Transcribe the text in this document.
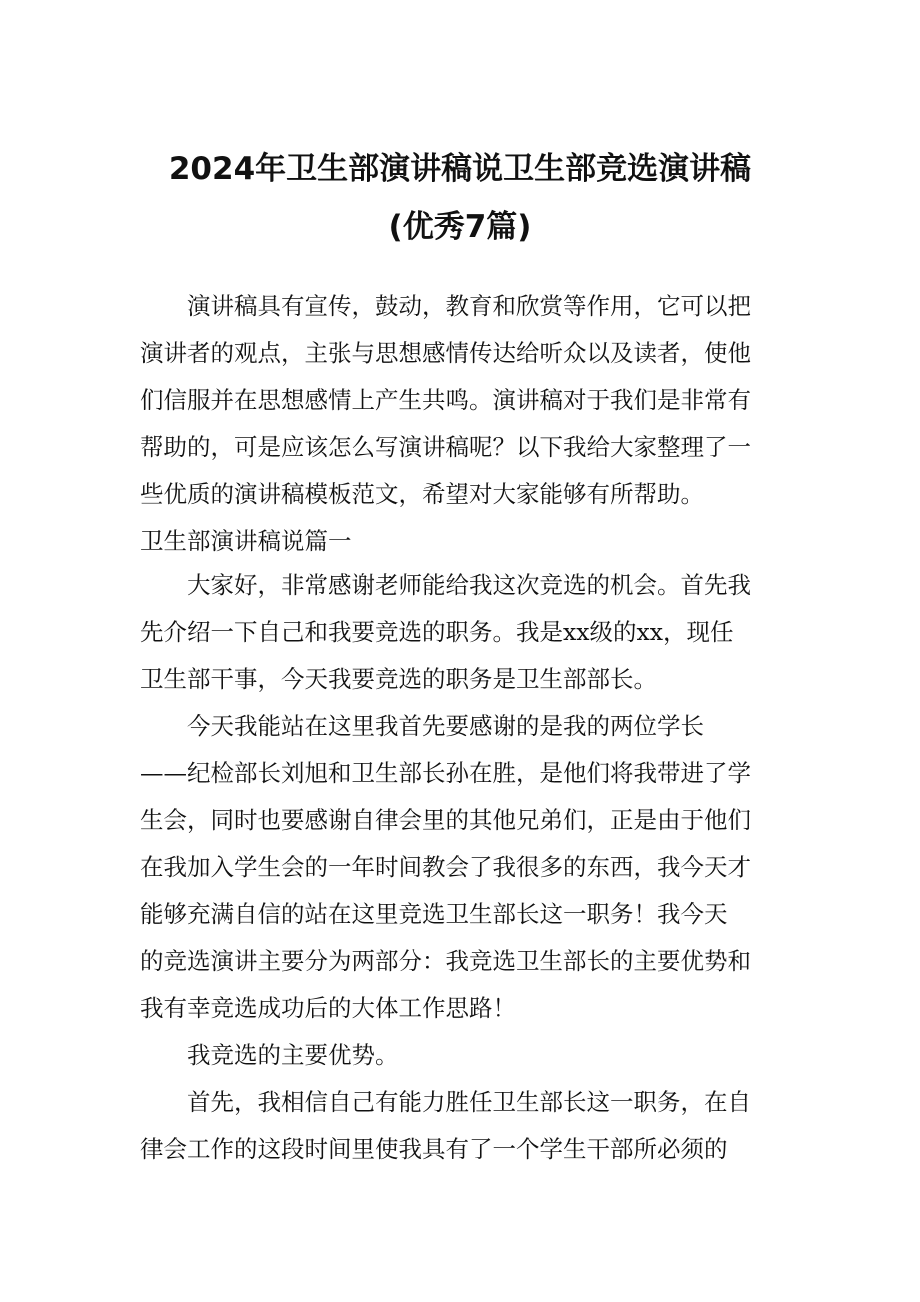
2024年卫生部演讲稿说卫生部竞选演讲稿
(优秀7篇)
演讲稿具有宣传，鼓动，教育和欣赏等作用，它可以把
演讲者的观点，主张与思想感情传达给听众以及读者，使他
们信服并在思想感情上产生共鸣。演讲稿对于我们是非常有
帮助的，可是应该怎么写演讲稿呢？以下我给大家整理了一
些优质的演讲稿模板范文，希望对大家能够有所帮助。
卫生部演讲稿说篇一
大家好，非常感谢老师能给我这次竞选的机会。首先我
先介绍一下自己和我要竞选的职务。我是xx级的xx，现任
卫生部干事，今天我要竞选的职务是卫生部部长。
今天我能站在这里我首先要感谢的是我的两位学长
——纪检部长刘旭和卫生部长孙在胜，是他们将我带进了学
生会，同时也要感谢自律会里的其他兄弟们，正是由于他们
在我加入学生会的一年时间教会了我很多的东西，我今天才
能够充满自信的站在这里竞选卫生部长这一职务！我今天
的竞选演讲主要分为两部分：我竞选卫生部长的主要优势和
我有幸竞选成功后的大体工作思路！
我竞选的主要优势。
首先，我相信自己有能力胜任卫生部长这一职务，在自
律会工作的这段时间里使我具有了一个学生干部所必须的
